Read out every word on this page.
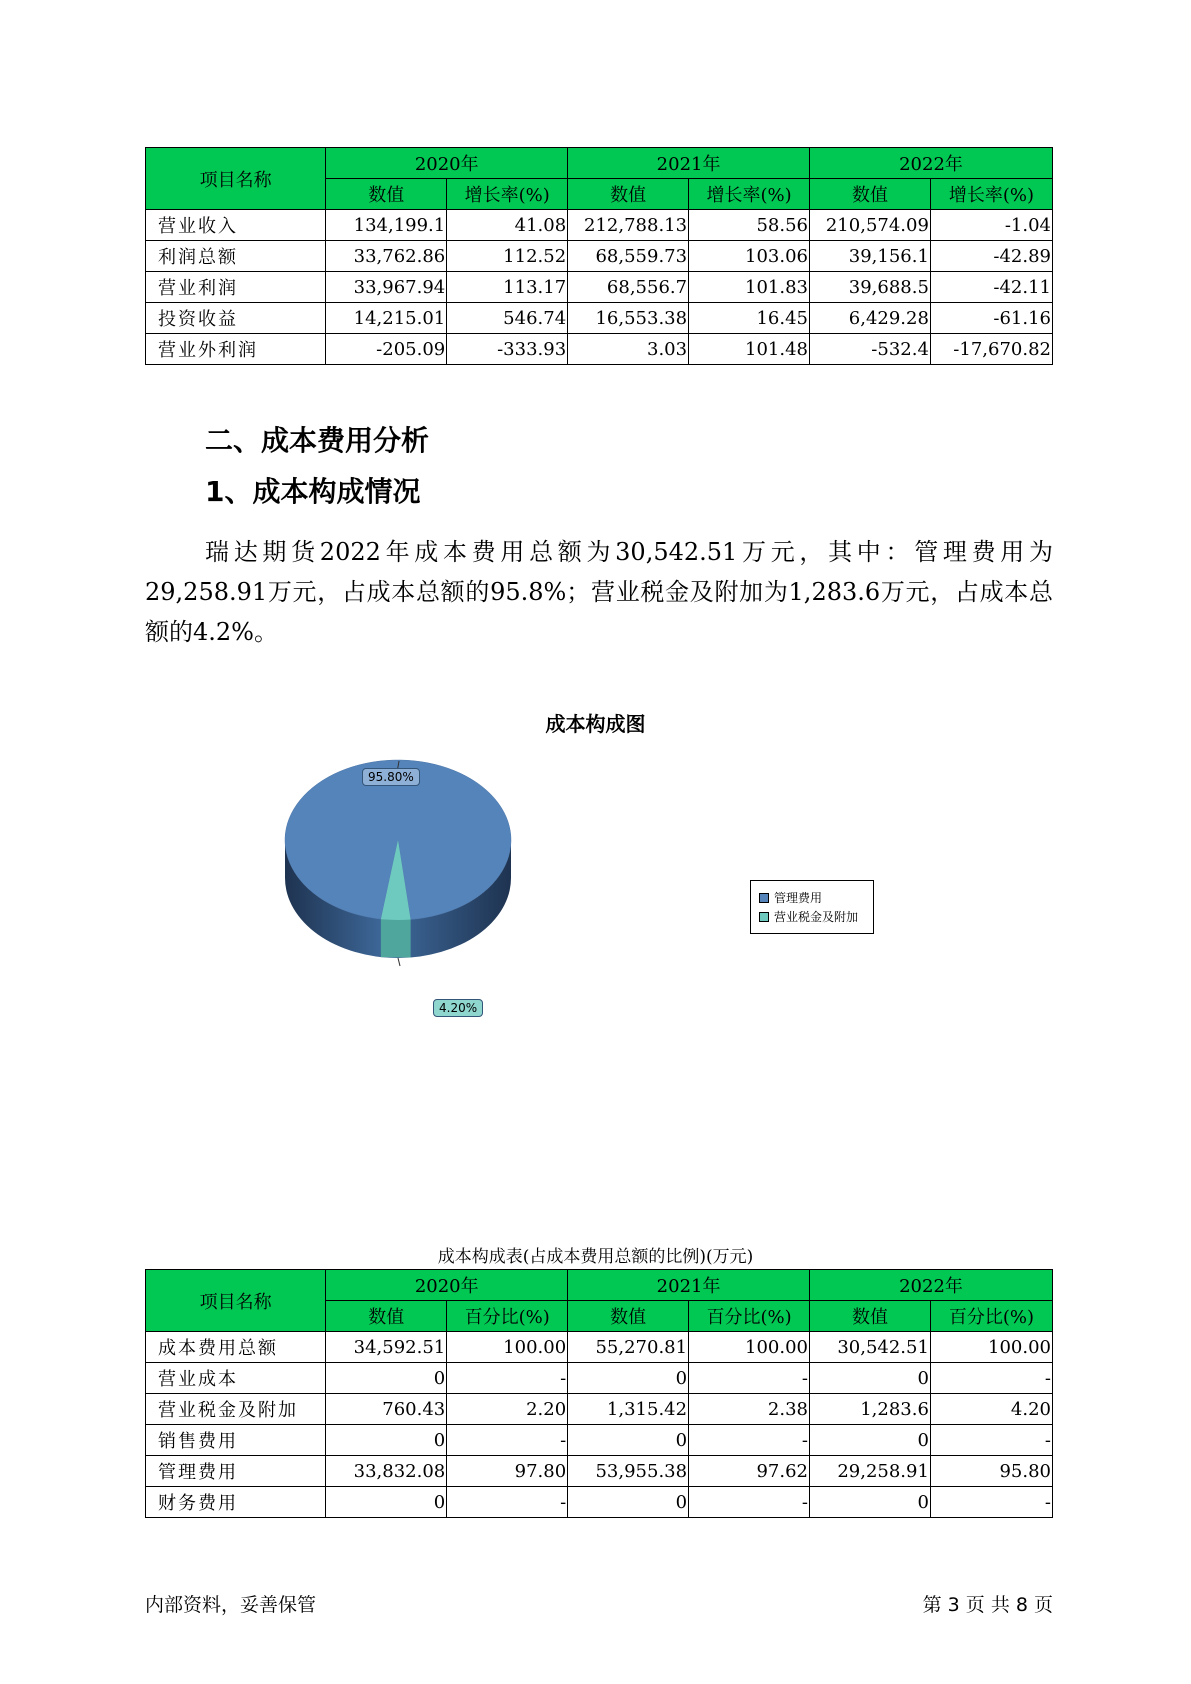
项目名称	2020年		2021年		2022年	
	数值	增长率(%)	数值	增长率(%)	数值	增长率(%)
营业收入	134,199.1	41.08	212,788.13	58.56	210,574.09	-1.04
利润总额	33,762.86	112.52	68,559.73	103.06	39,156.1	-42.89
营业利润	33,967.94	113.17	68,556.7	101.83	39,688.5	-42.11
投资收益	14,215.01	546.74	16,553.38	16.45	6,429.28	-61.16
营业外利润	-205.09	-333.93	3.03	101.48	-532.4	-17,670.82
二、成本费用分析
1、成本构成情况
瑞达期货2022年成本费用总额为30,542.51万元，其中：管理费用为29,258.91万元，占成本总额的95.8%；营业税金及附加为1,283.6万元，占成本总额的4.2%。
成本构成图
95.80%
4.20%
管理费用
营业税金及附加
成本构成表(占成本费用总额的比例)(万元)
项目名称	2020年		2021年		2022年	
	数值	百分比(%)	数值	百分比(%)	数值	百分比(%)
成本费用总额	34,592.51	100.00	55,270.81	100.00	30,542.51	100.00
营业成本	0	-	0	-	0	-
营业税金及附加	760.43	2.20	1,315.42	2.38	1,283.6	4.20
销售费用	0	-	0	-	0	-
管理费用	33,832.08	97.80	53,955.38	97.62	29,258.91	95.80
财务费用	0	-	0	-	0	-
内部资料，妥善保管	第 3 页 共 8 页
